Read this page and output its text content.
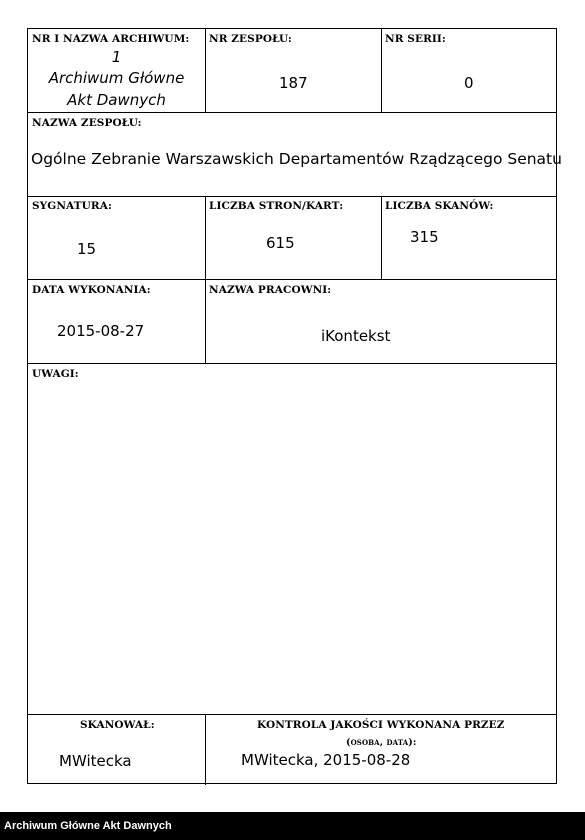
NR I NAZWA ARCHIWUM:
1
Archiwum Główne
Akt Dawnych
NR ZESPOŁU:
187
NR SERII:
0
NAZWA ZESPOŁU:
Ogólne Zebranie Warszawskich Departamentów Rządzącego Senatu
SYGNATURA:
15
LICZBA STRON/KART:
615
LICZBA SKANÓW:
315
DATA WYKONANIA:
2015-08-27
NAZWA PRACOWNI:
iKontekst
UWAGI:
SKANOWAŁ:
MWitecka
KONTROLA JAKOŚCI WYKONANA PRZEZ
(osoba, data):
MWitecka, 2015-08-28
Archiwum Główne Akt Dawnych
